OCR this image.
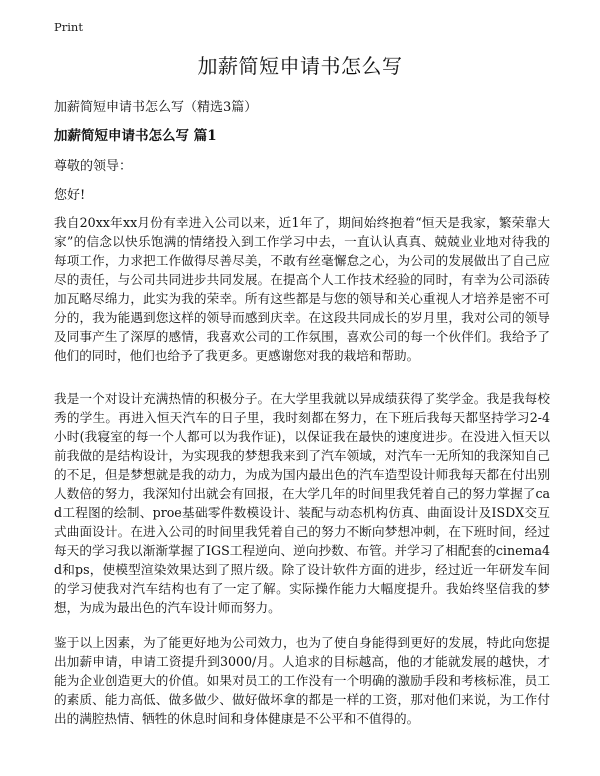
Print
加薪简短申请书怎么写

加薪简短申请书怎么写（精选3篇）

加薪简短申请书怎么写 篇1

尊敬的领导：

您好!

我自20xx年xx月份有幸进入公司以来，近1年了，期间始终抱着“恒天是我家，繁荣靠大家”的信念以快乐饱满的情绪投入到工作学习中去，一直认认真真、兢兢业业地对待我的每项工作，力求把工作做得尽善尽美，不敢有丝毫懈怠之心，为公司的发展做出了自己应尽的责任，与公司共同进步共同发展。在提高个人工作技术经验的同时，有幸为公司添砖加瓦略尽绵力，此实为我的荣幸。所有这些都是与您的领导和关心重视人才培养是密不可分的，我为能遇到您这样的领导而感到庆幸。在这段共同成长的岁月里，我对公司的领导及同事产生了深厚的感情，我喜欢公司的工作氛围，喜欢公司的每一个伙伴们。我给予了他们的同时，他们也给予了我更多。更感谢您对我的栽培和帮助。

我是一个对设计充满热情的积极分子。在大学里我就以异成绩获得了奖学金。我是我每校秀的学生。再进入恒天汽车的日子里，我时刻都在努力，在下班后我每天都坚持学习2-4小时(我寝室的每一个人都可以为我作证)，以保证我在最快的速度进步。在没进入恒天以前我做的是结构设计，为实现我的梦想我来到了汽车领域，对汽车一无所知的我深知自己的不足，但是梦想就是我的动力，为成为国内最出色的汽车造型设计师我每天都在付出别人数倍的努力，我深知付出就会有回报，在大学几年的时间里我凭着自己的努力掌握了cad工程图的绘制、proe基础零件数模设计、装配与动态机构仿真、曲面设计及ISDX交互式曲面设计。在进入公司的时间里我凭着自己的努力不断向梦想冲刺，在下班时间，经过每天的学习我以渐渐掌握了IGS工程逆向、逆向抄数、布管。并学习了相配套的cinema4d和ps，使模型渲染效果达到了照片级。除了设计软件方面的进步，经过近一年研发车间的学习使我对汽车结构也有了一定了解。实际操作能力大幅度提升。我始终坚信我的梦想，为成为最出色的汽车设计师而努力。

鉴于以上因素，为了能更好地为公司效力，也为了使自身能得到更好的发展，特此向您提出加薪申请，申请工资提升到3000/月。人追求的目标越高，他的才能就发展的越快，才能为企业创造更大的价值。如果对员工的工作没有一个明确的激励手段和考核标准，员工的素质、能力高低、做多做少、做好做坏拿的都是一样的工资，那对他们来说，为工作付出的满腔热情、牺牲的休息时间和身体健康是不公平和不值得的。
